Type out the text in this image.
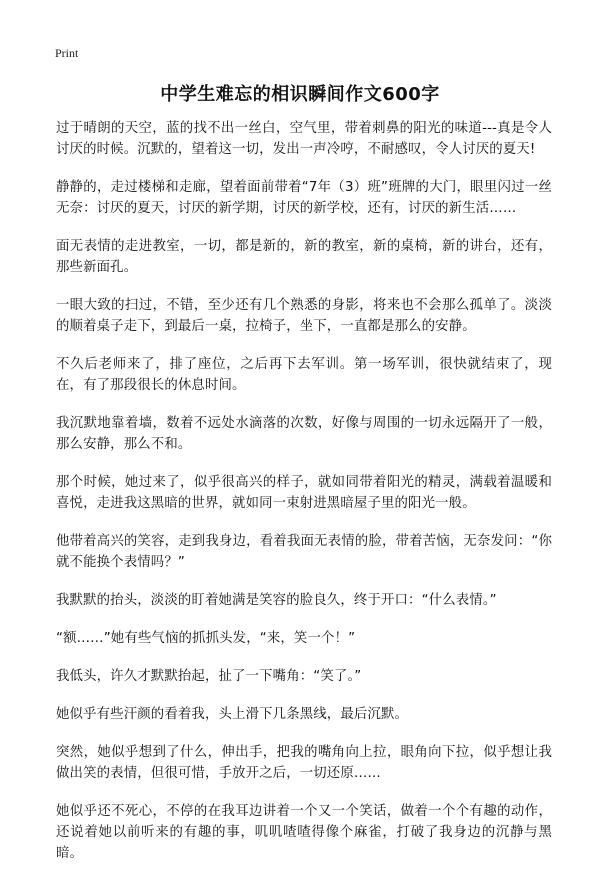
Print
中学生难忘的相识瞬间作文600字

过于晴朗的天空，蓝的找不出一丝白，空气里，带着刺鼻的阳光的味道---真是令人讨厌的时候。沉默的，望着这一切，发出一声冷哼，不耐感叹，令人讨厌的夏天!

静静的，走过楼梯和走廊，望着面前带着“7年（3）班”班牌的大门，眼里闪过一丝无奈：讨厌的夏天，讨厌的新学期，讨厌的新学校，还有，讨厌的新生活……

面无表情的走进教室，一切，都是新的，新的教室，新的桌椅，新的讲台，还有，那些新面孔。

一眼大致的扫过，不错，至少还有几个熟悉的身影，将来也不会那么孤单了。淡淡的顺着桌子走下，到最后一桌，拉椅子，坐下，一直都是那么的安静。

不久后老师来了，排了座位，之后再下去军训。第一场军训，很快就结束了，现在，有了那段很长的休息时间。

我沉默地靠着墙，数着不远处水滴落的次数，好像与周围的一切永远隔开了一般，那么安静，那么不和。

那个时候，她过来了，似乎很高兴的样子，就如同带着阳光的精灵，满载着温暖和喜悦，走进我这黑暗的世界，就如同一束射进黑暗屋子里的阳光一般。

他带着高兴的笑容，走到我身边，看着我面无表情的脸，带着苦恼，无奈发问：“你就不能换个表情吗？”

我默默的抬头，淡淡的盯着她满是笑容的脸良久，终于开口：“什么表情。”

“额……”她有些气恼的抓抓头发，“来，笑一个！”

我低头，许久才默默抬起，扯了一下嘴角：“笑了。”

她似乎有些汗颜的看着我，头上滑下几条黑线，最后沉默。

突然，她似乎想到了什么，伸出手，把我的嘴角向上拉，眼角向下拉，似乎想让我做出笑的表情，但很可惜，手放开之后，一切还原……

她似乎还不死心，不停的在我耳边讲着一个又一个笑话，做着一个个有趣的动作，还说着她以前听来的有趣的事，叽叽喳喳得像个麻雀，打破了我身边的沉静与黑暗。
